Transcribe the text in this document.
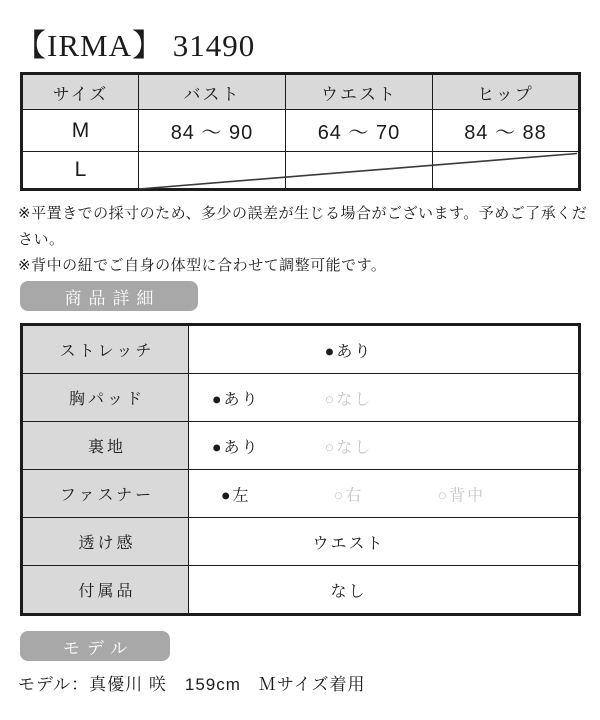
【IRMA】 31490
サイズ	バスト	ウエスト	ヒップ
M	84 ～ 90	64 ～ 70	84 ～ 88
L			

※平置きでの採寸のため、多少の誤差が生じる場合がございます。予めご了承ください。

※背中の紐でご自身の体型に合わせて調整可能です。

商品詳細
ストレッチ	●あり

胸パッド	●あり ○なし

裏地	●あり ○なし

ファスナー	●左 ○右 ○背中

透け感	ウエスト

付属品	なし
モデル

モデル：真優川 咲　159cm　Ｍサイズ着用
